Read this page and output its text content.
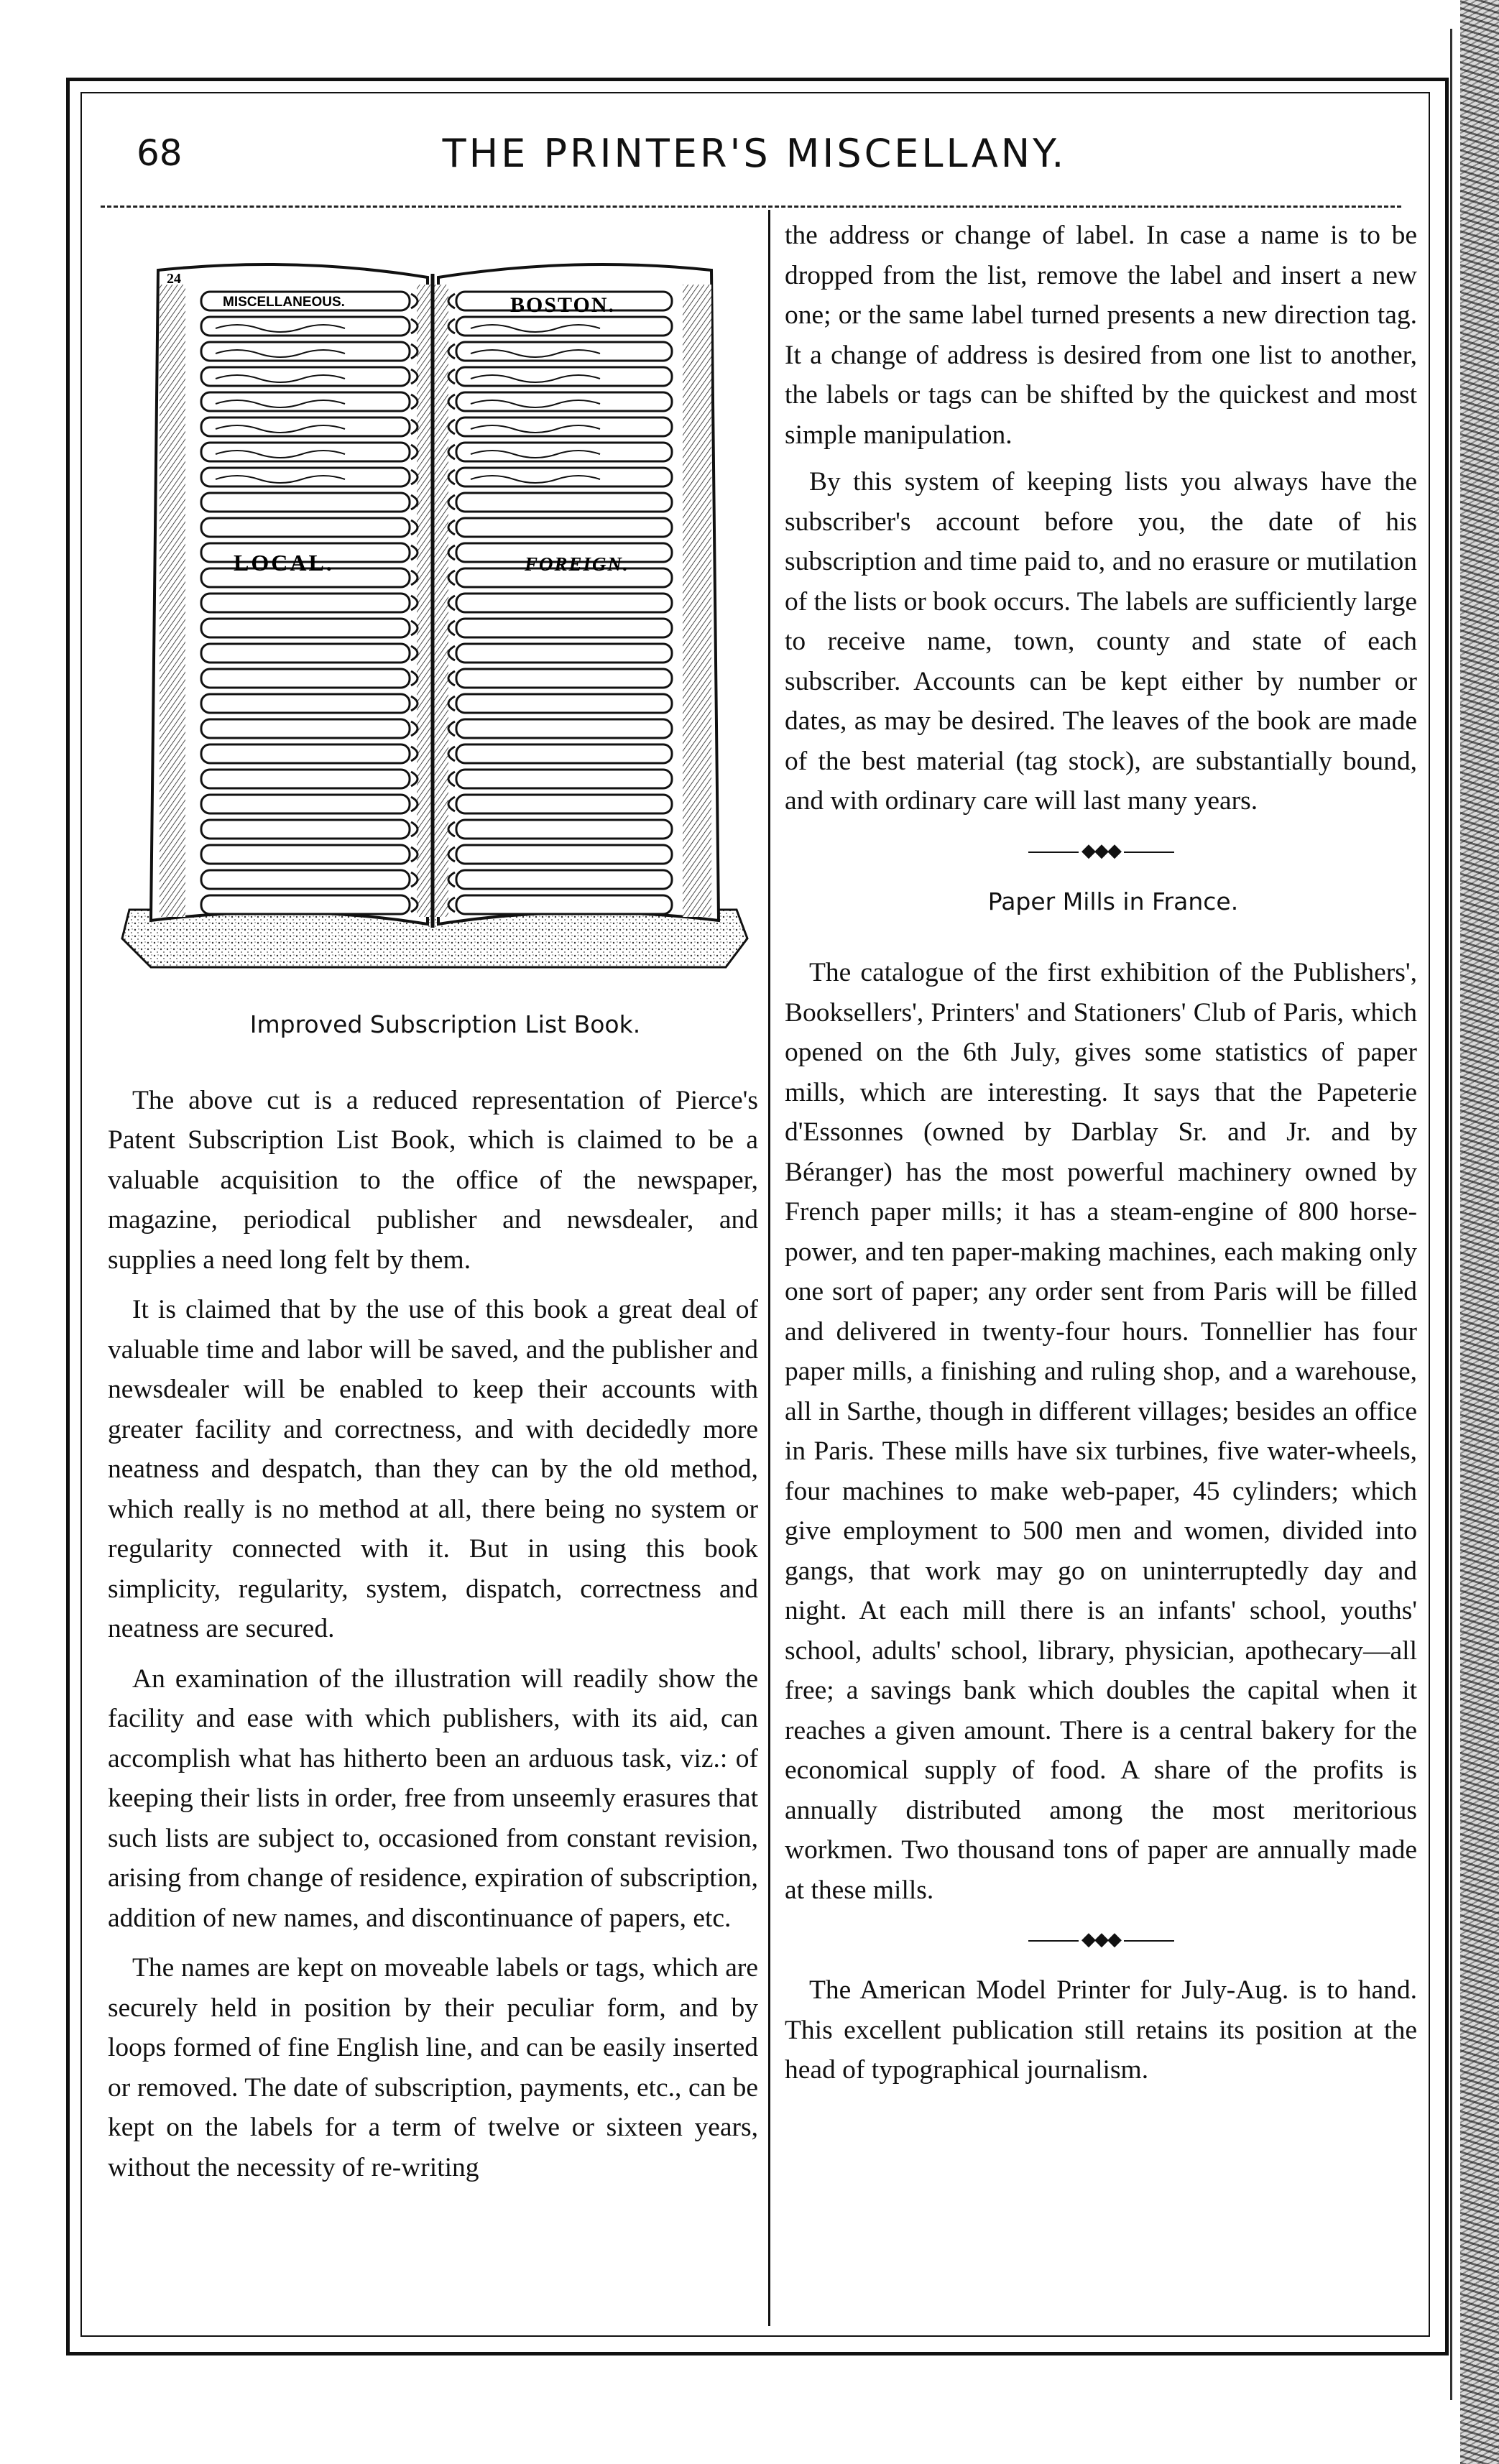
68	THE PRINTER'S MISCELLANY.
24
MISCELLANEOUS.	BOSTON.
LOCAL.	FOREIGN.

Improved Subscription List Book.

The above cut is a reduced representation of Pierce's Patent Subscription List Book, which is claimed to be a valuable acquisition to the office of the newspaper, magazine, periodical publisher and newsdealer, and supplies a need long felt by them.

It is claimed that by the use of this book a great deal of valuable time and labor will be saved, and the publisher and newsdealer will be enabled to keep their accounts with greater facility and correctness, and with decidedly more neatness and despatch, than they can by the old method, which really is no method at all, there being no system or regularity connected with it. But in using this book simplicity, regularity, system, dispatch, correctness and neatness are secured.

An examination of the illustration will readily show the facility and ease with which publishers, with its aid, can accomplish what has hitherto been an arduous task, viz.: of keeping their lists in order, free from unseemly erasures that such lists are subject to, occasioned from constant revision, arising from change of residence, expiration of subscription, addition of new names, and discontinuance of papers, etc.

The names are kept on moveable labels or tags, which are securely held in position by their peculiar form, and by loops formed of fine English line, and can be easily inserted or removed. The date of subscription, payments, etc., can be kept on the labels for a term of twelve or sixteen years, without the necessity of re-writing

the address or change of label. In case a name is to be dropped from the list, remove the label and insert a new one; or the same label turned presents a new direction tag. It a change of address is desired from one list to another, the labels or tags can be shifted by the quickest and most simple manipulation.

By this system of keeping lists you always have the subscriber's account before you, the date of his subscription and time paid to, and no erasure or mutilation of the lists or book occurs. The labels are sufficiently large to receive name, town, county and state of each subscriber. Accounts can be kept either by number or dates, as may be desired. The leaves of the book are made of the best material (tag stock), are substantially bound, and with ordinary care will last many years.

◆◆◆

Paper Mills in France.

The catalogue of the first exhibition of the Publishers', Booksellers', Printers' and Stationers' Club of Paris, which opened on the 6th July, gives some statistics of paper mills, which are interesting. It says that the Papeterie d'Essonnes (owned by Darblay Sr. and Jr. and by Béranger) has the most powerful machinery owned by French paper mills; it has a steam-engine of 800 horse-power, and ten paper-making machines, each making only one sort of paper; any order sent from Paris will be filled and delivered in twenty-four hours. Tonnellier has four paper mills, a finishing and ruling shop, and a warehouse, all in Sarthe, though in different villages; besides an office in Paris. These mills have six turbines, five water-wheels, four machines to make web-paper, 45 cylinders; which give employment to 500 men and women, divided into gangs, that work may go on uninterruptedly day and night. At each mill there is an infants' school, youths' school, adults' school, library, physician, apothecary—all free; a savings bank which doubles the capital when it reaches a given amount. There is a central bakery for the economical supply of food. A share of the profits is annually distributed among the most meritorious workmen. Two thousand tons of paper are annually made at these mills.

◆◆◆

The American Model Printer for July-Aug. is to hand. This excellent publication still retains its position at the head of typographical journalism.
